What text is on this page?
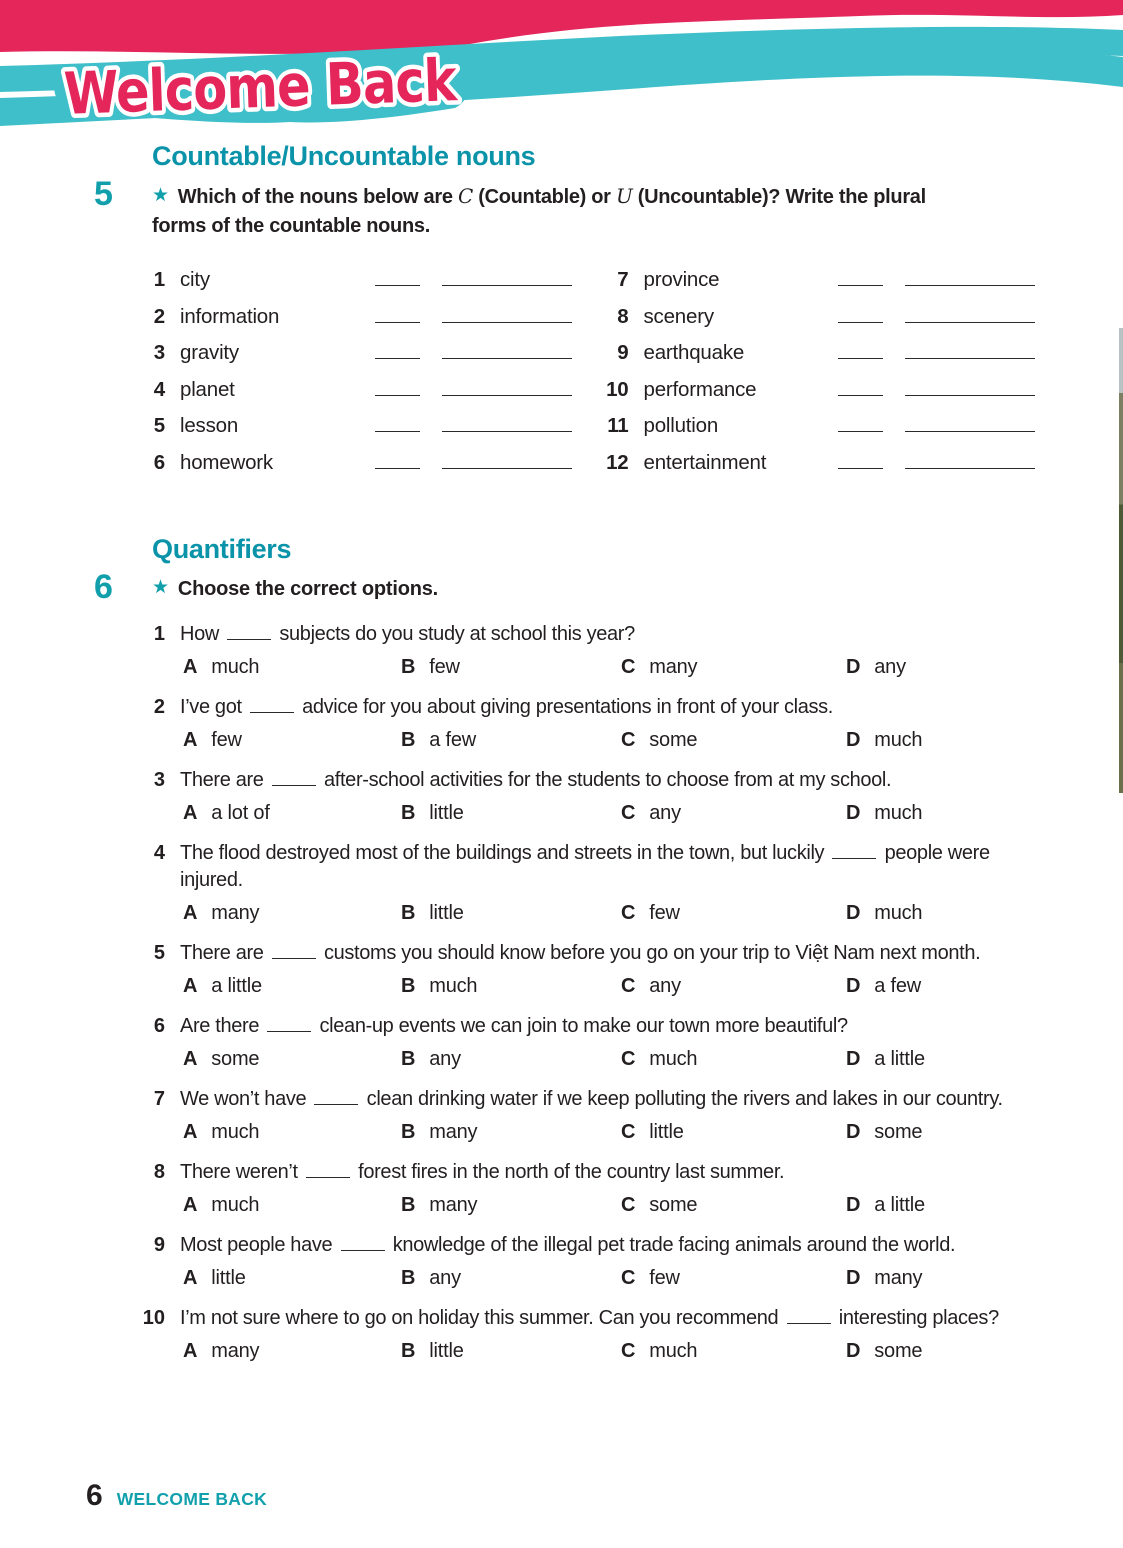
Welcome Back
Countable/Uncountable nouns
5 ★ Which of the nouns below are C (Countable) or U (Uncountable)? Write the plural
forms of the countable nouns.

1 city
2 information
3 gravity
4 planet
5 lesson
6 homework
7 province
8 scenery
9 earthquake
10 performance
11 pollution
12 entertainment
Quantifiers
6 ★ Choose the correct options.

1 How	subjects do you study at school this year?
A much	B few	C many	D any
2 I’ve got	advice for you about giving presentations in front of your class.
A few	B a few	C some	D much
3 There are	after-school activities for the students to choose from at my school.
A a lot of	B little	C any	D much
4 The flood destroyed most of the buildings and streets in the town, but luckily	people were injured.
A many	B little	C few	D much
5 There are	customs you should know before you go on your trip to Việt Nam next month.
A a little	B much	C any	D a few
6 Are there	clean-up events we can join to make our town more beautiful?
A some	B any	C much	D a little
7 We won’t have	clean drinking water if we keep polluting the rivers and lakes in our country.
A much	B many	C little	D some
8 There weren’t	forest fires in the north of the country last summer.
A much	B many	C some	D a little
9 Most people have	knowledge of the illegal pet trade facing animals around the world.
A little	B any	C few	D many
10 I’m not sure where to go on holiday this summer. Can you recommend	interesting places?
A many	B little	C much	D some
6 WELCOME BACK
